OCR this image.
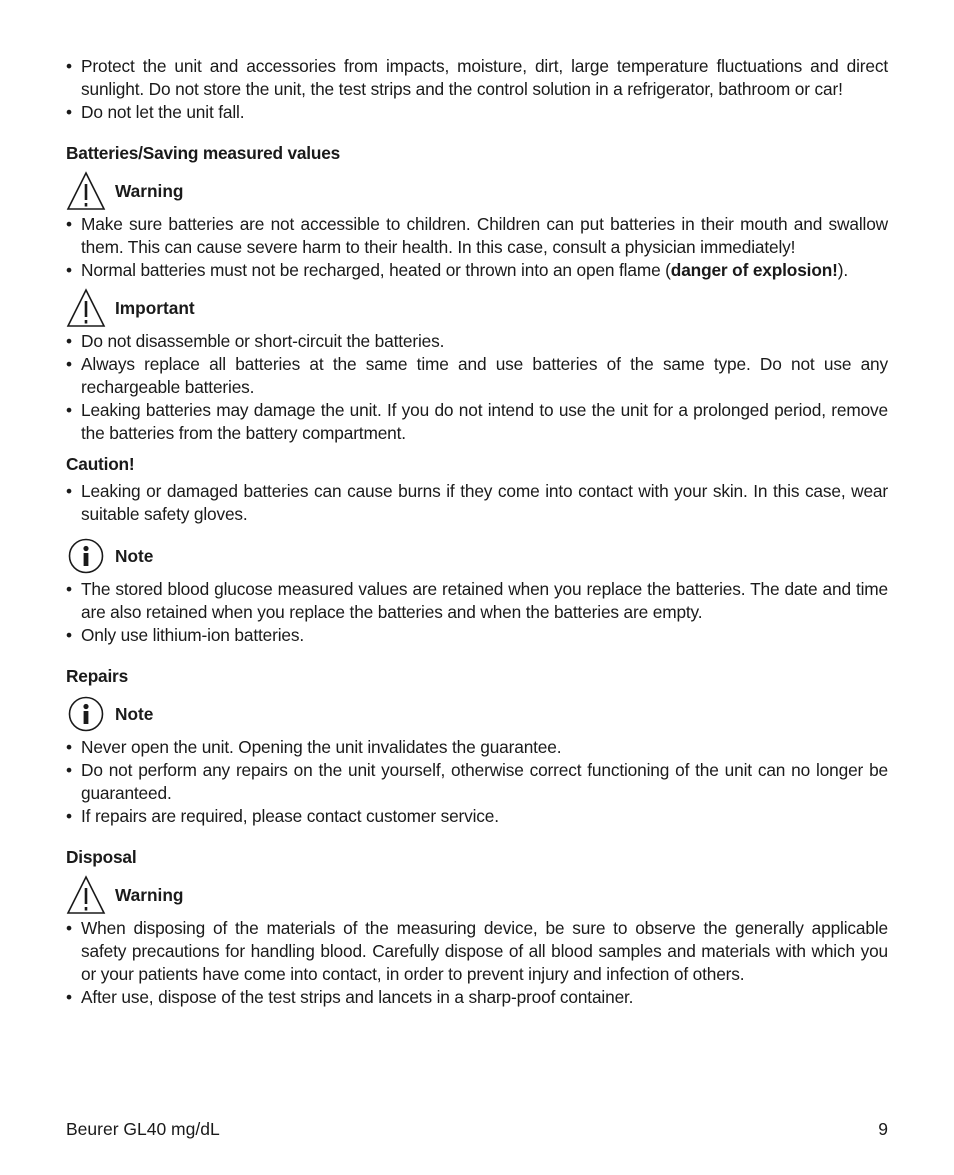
• Protect the unit and accessories from impacts, moisture, dirt, large temperature fluctuations and direct sunlight. Do not store the unit, the test strips and the control solution in a refrigerator, bathroom or car!
• Do not let the unit fall.
Batteries/Saving measured values
Warning
• Make sure batteries are not accessible to children. Children can put batteries in their mouth and swallow them. This can cause severe harm to their health. In this case, consult a physician immediately!
• Normal batteries must not be recharged, heated or thrown into an open flame (danger of explosion!).
Important
• Do not disassemble or short-circuit the batteries.
• Always replace all batteries at the same time and use batteries of the same type. Do not use any rechargeable batteries.
• Leaking batteries may damage the unit. If you do not intend to use the unit for a prolonged period, remove the batteries from the battery compartment.
Caution!
• Leaking or damaged batteries can cause burns if they come into contact with your skin. In this case, wear suitable safety gloves.
Note
• The stored blood glucose measured values are retained when you replace the batteries. The date and time are also retained when you replace the batteries and when the batteries are empty.
• Only use lithium-ion batteries.
Repairs
Note
• Never open the unit. Opening the unit invalidates the guarantee.
• Do not perform any repairs on the unit yourself, otherwise correct functioning of the unit can no longer be guaranteed.
• If repairs are required, please contact customer service.
Disposal
Warning
• When disposing of the materials of the measuring device, be sure to observe the generally applicable safety precautions for handling blood. Carefully dispose of all blood samples and materials with which you or your patients have come into contact, in order to prevent injury and infection of others.
• After use, dispose of the test strips and lancets in a sharp-proof container.
Beurer GL40 mg/dL	9
